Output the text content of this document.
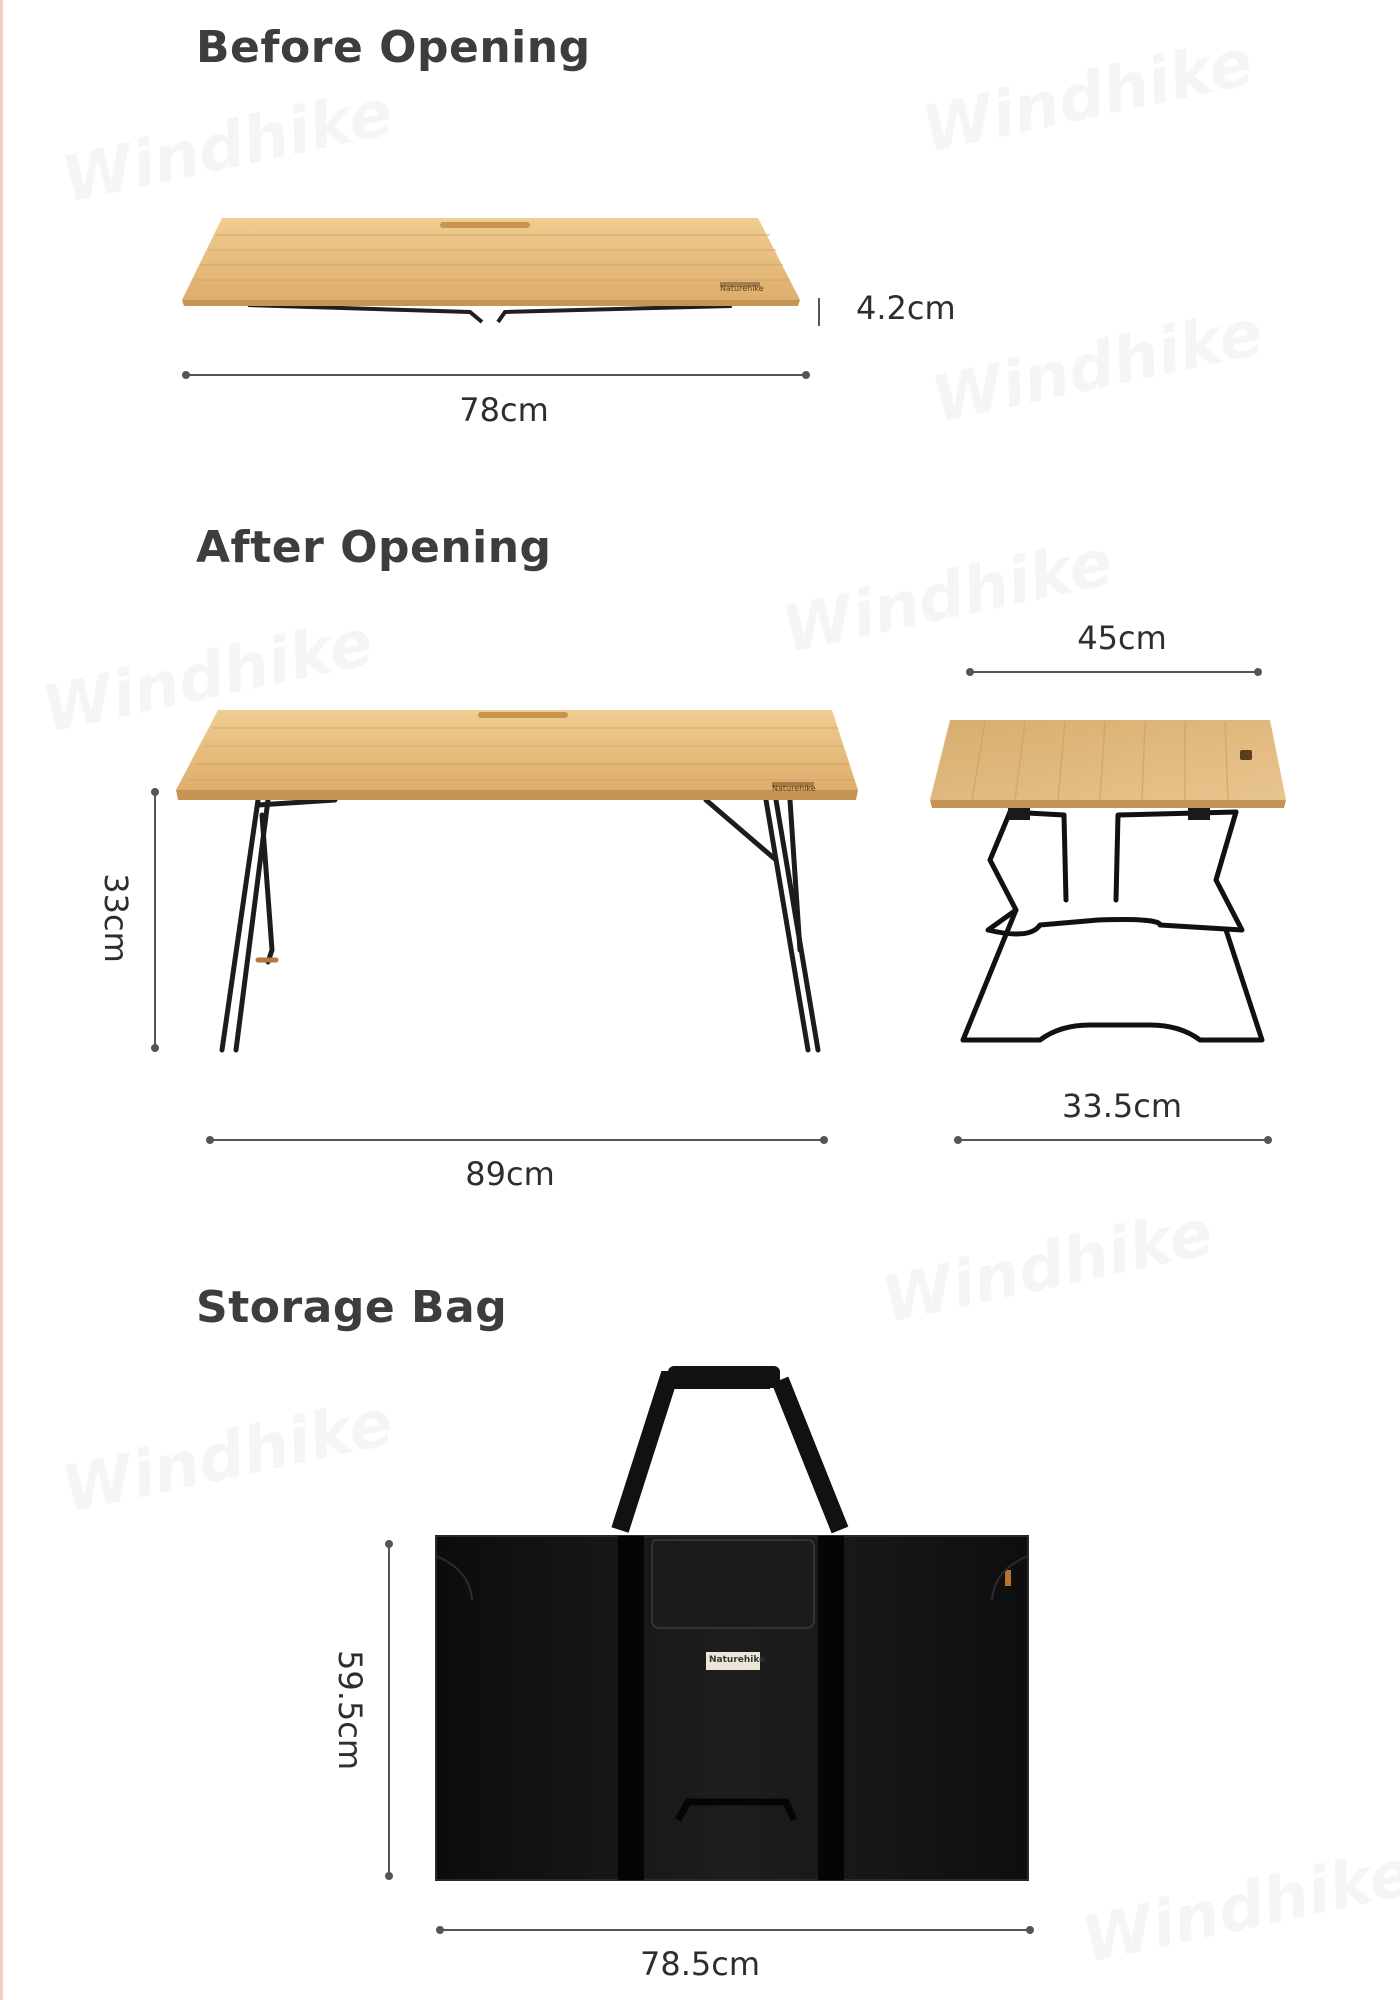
Before Opening
Naturehike
Naturehike
Naturehike
4.2cm
78cm
After Opening
45cm
33cm
33.5cm
89cm
Storage Bag
59.5cm
78.5cm
